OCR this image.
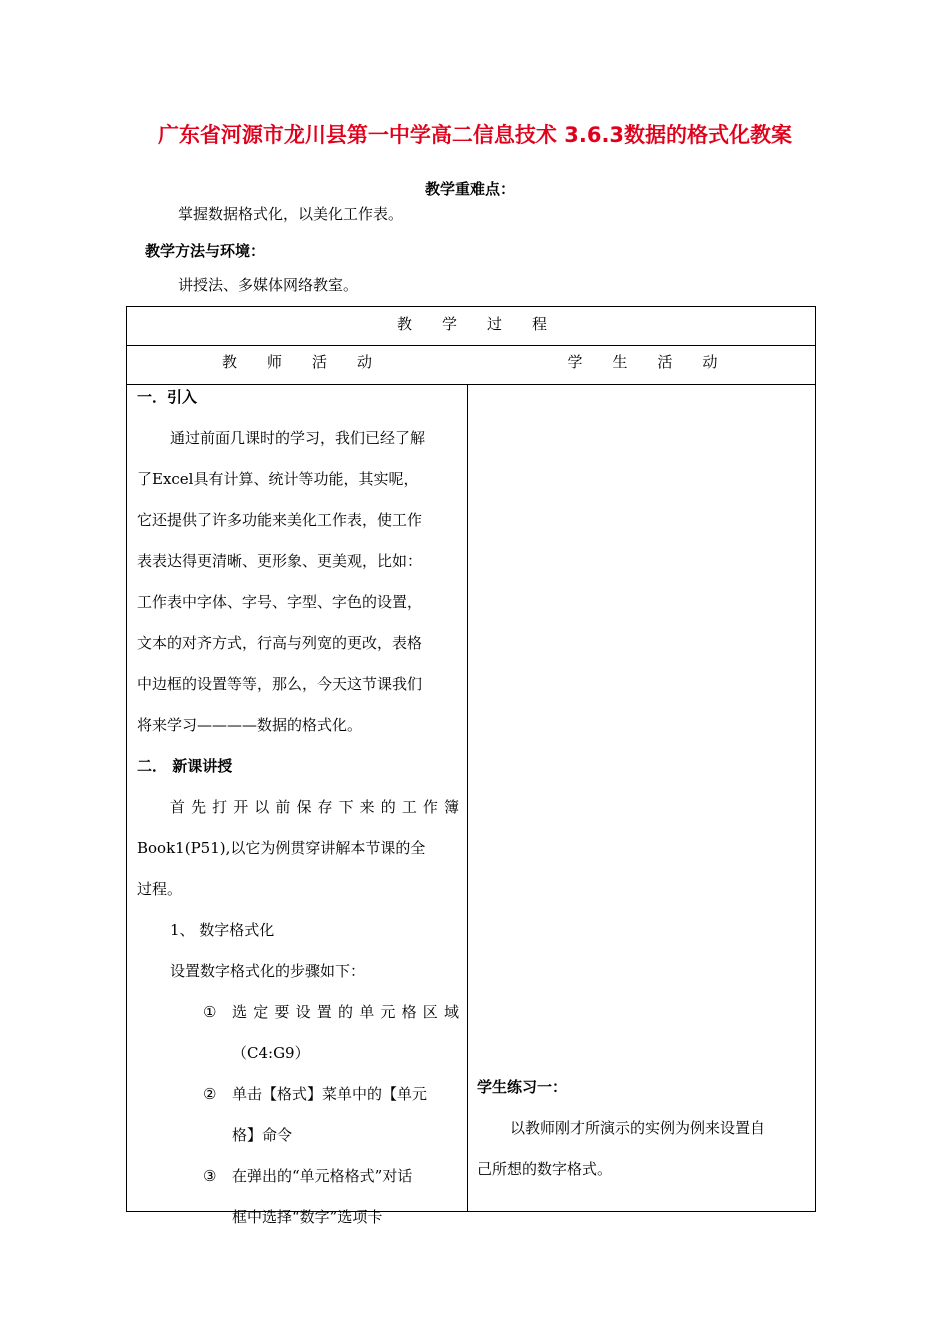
广东省河源市龙川县第一中学高二信息技术 3.6.3数据的格式化教案
教学重难点：
掌握数据格式化，以美化工作表。
教学方法与环境：
讲授法、多媒体网络教室。
教　　学　　过　　程
教　　师　　活　　动	学　　生　　活　　动

一．引入

通过前面几课时的学习，我们已经了解

了Excel具有计算、统计等功能，其实呢，

它还提供了许多功能来美化工作表，使工作

表表达得更清晰、更形象、更美观，比如：

工作表中字体、字号、字型、字色的设置，

文本的对齐方式，行高与列宽的更改，表格

中边框的设置等等，那么，今天这节课我们

将来学习————数据的格式化。

二． 新课讲授

首先打开以前保存下来的工作簿

Book1(P51),以它为例贯穿讲解本节课的全

过程。

1、 数字格式化

设置数字格式化的步骤如下：

① 选定要设置的单元格区域

（C4:G9）

② 单击【格式】菜单中的【单元

格】命令

③ 在弹出的“单元格格式”对话

框中选择“数字”选项卡

学生练习一：

以教师刚才所演示的实例为例来设置自

己所想的数字格式。
